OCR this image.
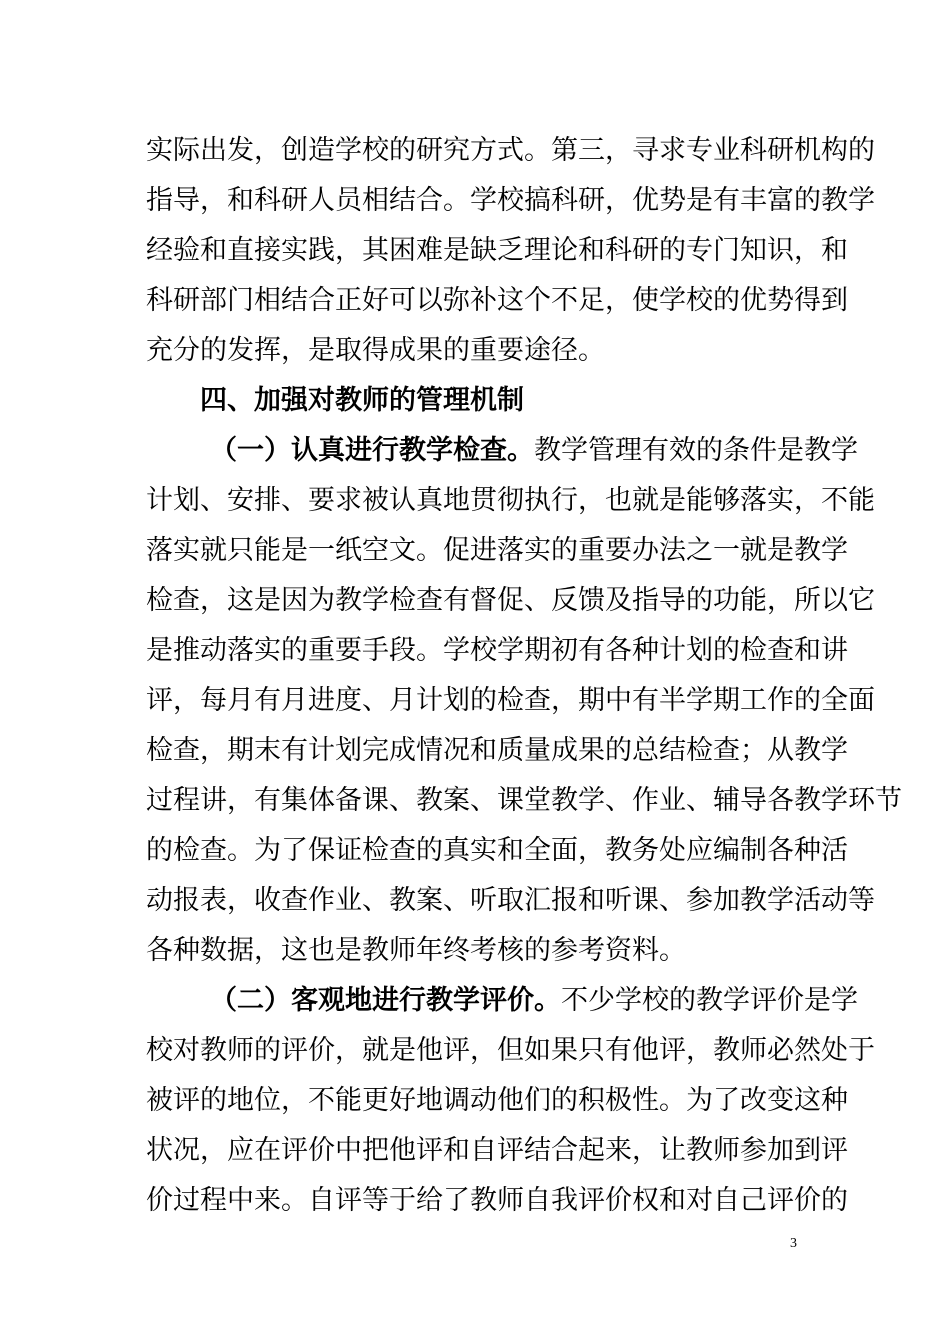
实际出发，创造学校的研究方式。第三，寻求专业科研机构的
指导，和科研人员相结合。学校搞科研，优势是有丰富的教学
经验和直接实践，其困难是缺乏理论和科研的专门知识，和
科研部门相结合正好可以弥补这个不足，使学校的优势得到
充分的发挥，是取得成果的重要途径。
四、加强对教师的管理机制
（一）认真进行教学检查。教学管理有效的条件是教学
计划、安排、要求被认真地贯彻执行，也就是能够落实，不能
落实就只能是一纸空文。促进落实的重要办法之一就是教学
检查，这是因为教学检查有督促、反馈及指导的功能，所以它
是推动落实的重要手段。学校学期初有各种计划的检查和讲
评，每月有月进度、月计划的检查，期中有半学期工作的全面
检查，期末有计划完成情况和质量成果的总结检查；从教学
过程讲，有集体备课、教案、课堂教学、作业、辅导各教学环节
的检查。为了保证检查的真实和全面，教务处应编制各种活
动报表，收查作业、教案、听取汇报和听课、参加教学活动等
各种数据，这也是教师年终考核的参考资料。
（二）客观地进行教学评价。不少学校的教学评价是学
校对教师的评价，就是他评，但如果只有他评，教师必然处于
被评的地位，不能更好地调动他们的积极性。为了改变这种
状况，应在评价中把他评和自评结合起来，让教师参加到评
价过程中来。自评等于给了教师自我评价权和对自己评价的
3
